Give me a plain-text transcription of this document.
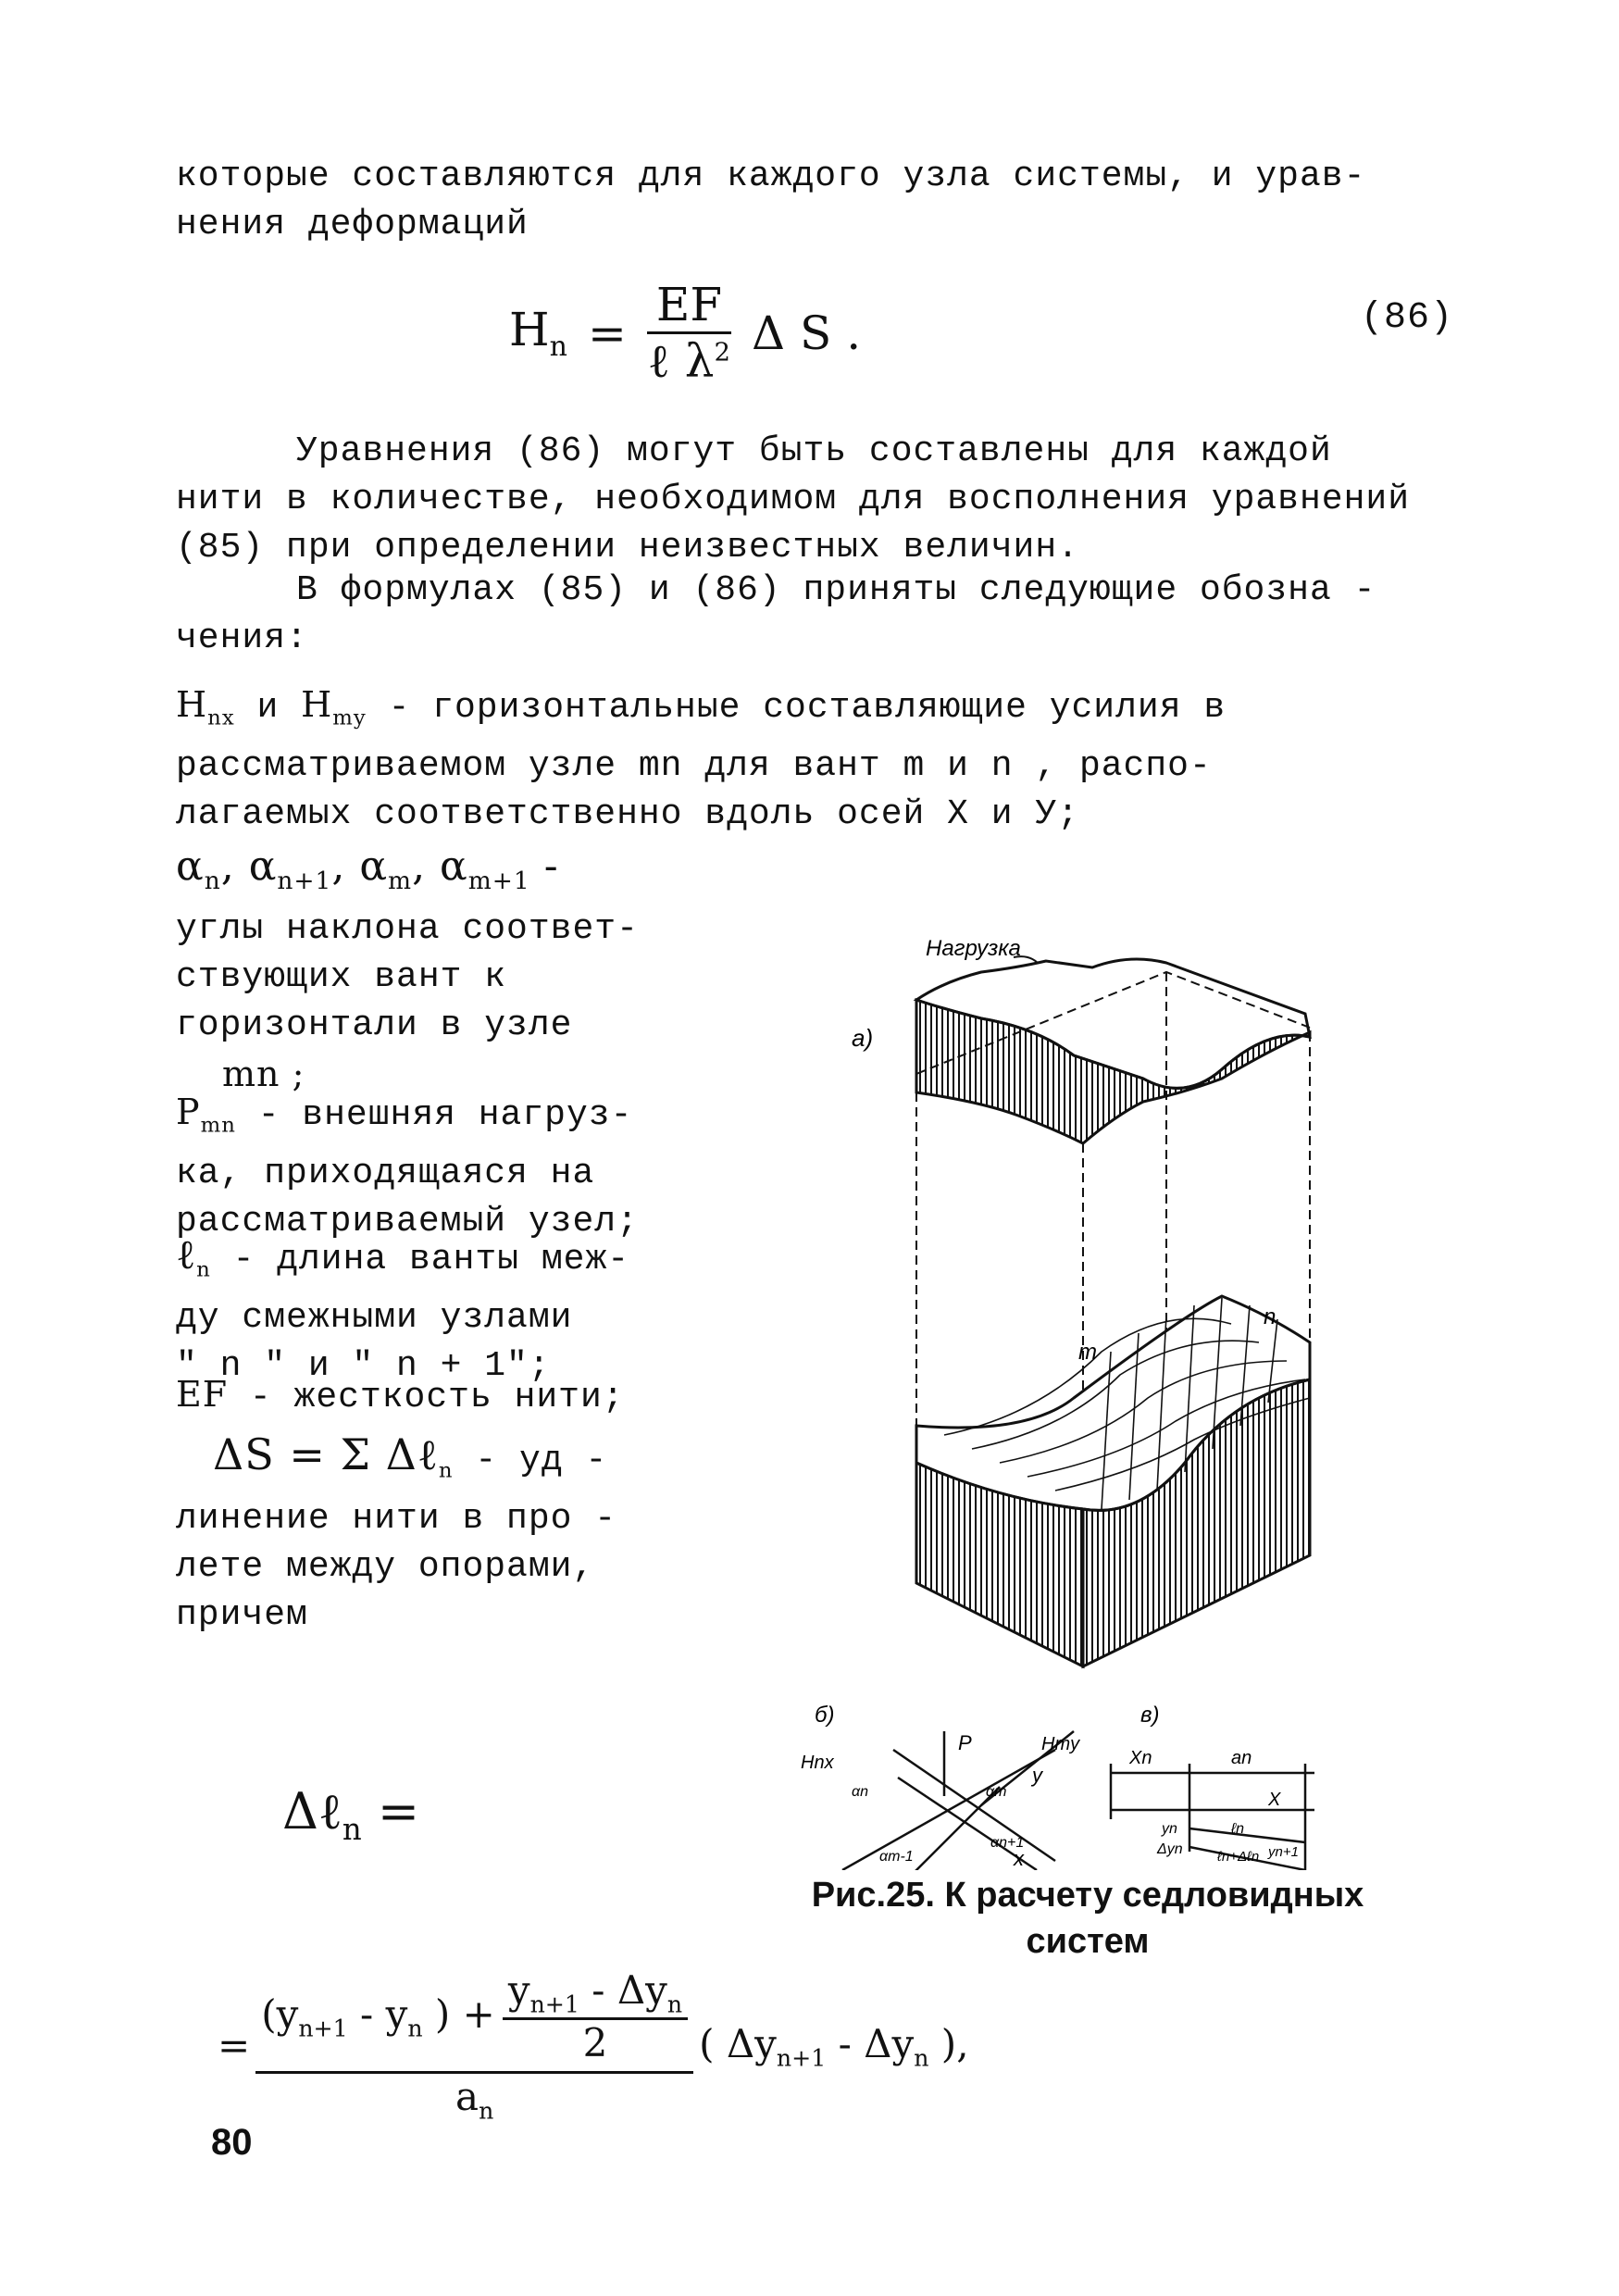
которые составляются для каждого узла системы, и урав-
нения деформаций
$H_n = \frac{EF}{\ell \lambda^2}$ Δ S .	(86)
Уравнения (86) могут быть составлены для каждой
нити в количестве, необходимом для восполнения уравнений
(85) при определении неизвестных величин.
В формулах (85) и (86) приняты следующие обозна -
чения:
$H_{nx}$ и $H_{my}$ - горизонтальные составляющие усилия в
рассматриваемом узле mn для вант m и n , распо-
лагаемых соответственно вдоль осей X и У;
$\alpha_n$, $\alpha_{n+1}$, $\alpha_m$, $\alpha_{m+1}$ -
углы наклона соответ-
ствующих вант к
горизонтали в узле
mn ;
$P_{mn}$ - внешняя нагруз-
ка, приходящаяся на
рассматриваемый узел;
ℓ$_n$ - длина ванты меж-
ду смежными узлами
" n " и " n + 1";
EF - жесткость нити;
ΔS = Σ Δℓ$_n$ - уд -
линение нити в про -
лете между опорами,
причем
Δℓ$_n$ =
а)
Нагрузка
m
n
б)
P
Hnx
Hmy
y
x
αn	αm
αn+1
αm-1
в)
Xn	an
X
yn
Δyn
ℓn
ℓn+Δℓn yn+1
Рис.25. К расчету седловидных
систем
= $\frac{(y_{n+1} - y_n ) + \frac{y_{n+1} - \Delta y_n}{2}}{a_n}$ ( $\Delta y_{n+1} - \Delta y_n$ ),
80
